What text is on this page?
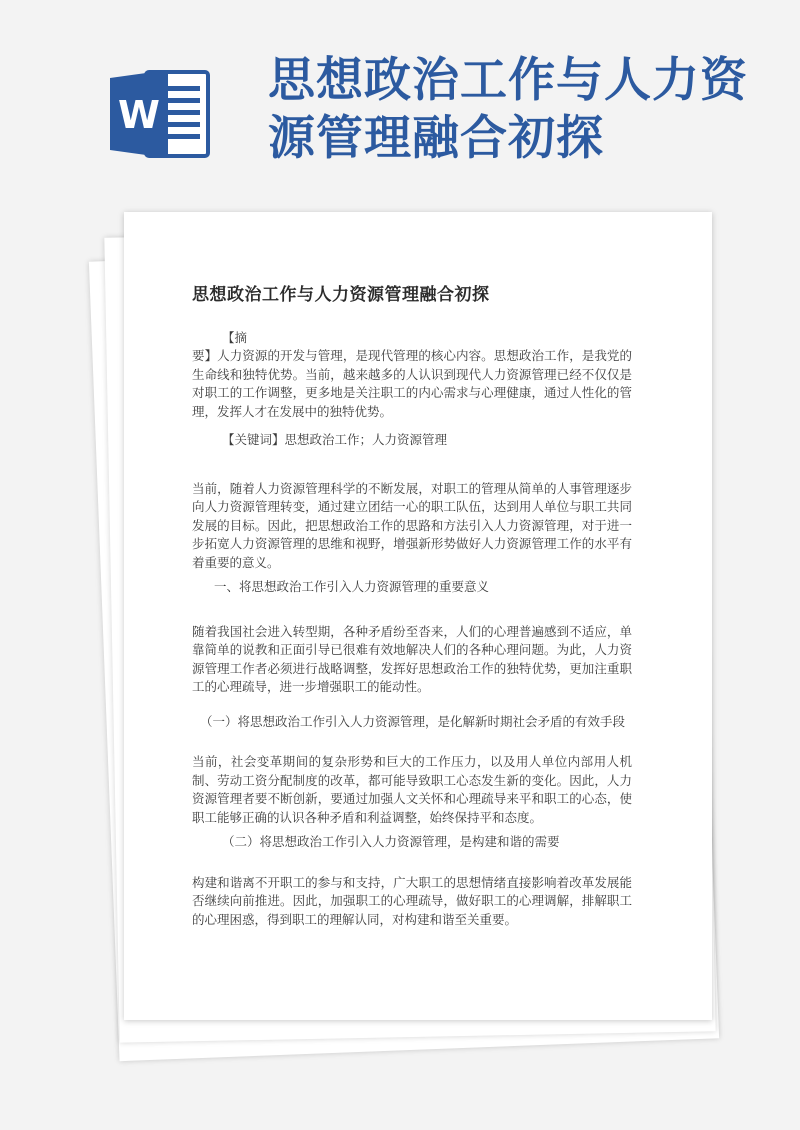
W
思想政治工作与人力资
源管理融合初探

思想政治工作与人力资源管理融合初探

【摘

要】人力资源的开发与管理，是现代管理的核心内容。思想政治工作，是我党的生命线和独特优势。当前，越来越多的人认识到现代人力资源管理已经不仅仅是对职工的工作调整，更多地是关注职工的内心需求与心理健康，通过人性化的管理，发挥人才在发展中的独特优势。

【关键词】思想政治工作；人力资源管理

当前，随着人力资源管理科学的不断发展，对职工的管理从简单的人事管理逐步向人力资源管理转变，通过建立团结一心的职工队伍，达到用人单位与职工共同发展的目标。因此，把思想政治工作的思路和方法引入人力资源管理，对于进一步拓宽人力资源管理的思维和视野，增强新形势做好人力资源管理工作的水平有着重要的意义。

一、将思想政治工作引入人力资源管理的重要意义

随着我国社会进入转型期，各种矛盾纷至沓来，人们的心理普遍感到不适应，单靠简单的说教和正面引导已很难有效地解决人们的各种心理问题。为此，人力资源管理工作者必须进行战略调整，发挥好思想政治工作的独特优势，更加注重职工的心理疏导，进一步增强职工的能动性。

（一）将思想政治工作引入人力资源管理，是化解新时期社会矛盾的有效手段

当前，社会变革期间的复杂形势和巨大的工作压力，以及用人单位内部用人机制、劳动工资分配制度的改革，都可能导致职工心态发生新的变化。因此，人力资源管理者要不断创新，要通过加强人文关怀和心理疏导来平和职工的心态，使职工能够正确的认识各种矛盾和利益调整，始终保持平和态度。

（二）将思想政治工作引入人力资源管理，是构建和谐的需要

构建和谐离不开职工的参与和支持，广大职工的思想情绪直接影响着改革发展能否继续向前推进。因此，加强职工的心理疏导，做好职工的心理调解，排解职工的心理困惑，得到职工的理解认同，对构建和谐至关重要。
